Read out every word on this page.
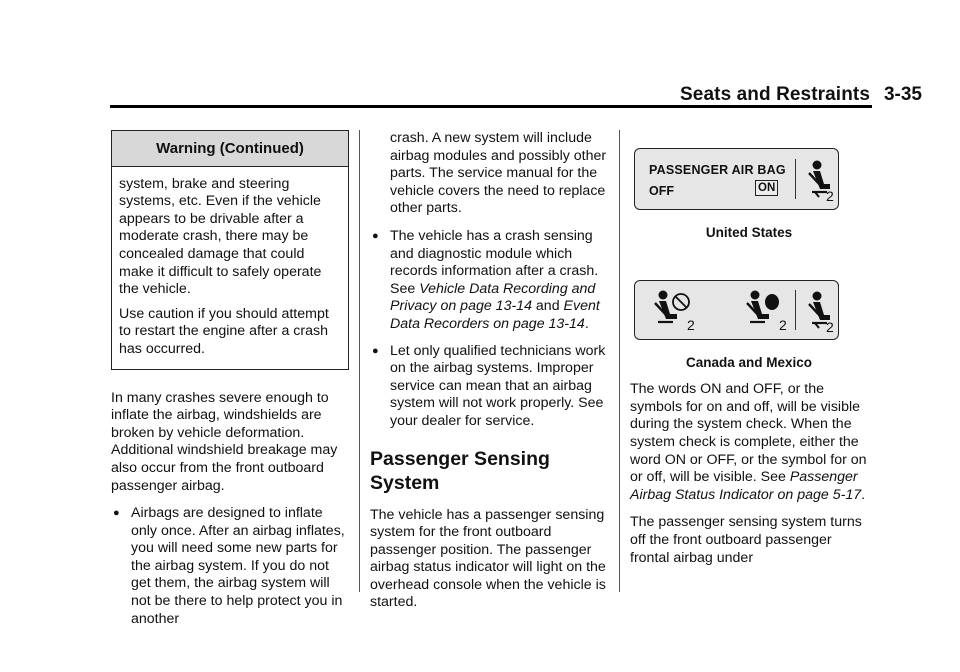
Seats and Restraints 3-35
Warning (Continued)

system, brake and steering systems, etc. Even if the vehicle appears to be drivable after a moderate crash, there may be concealed damage that could make it difficult to safely operate the vehicle.

Use caution if you should attempt to restart the engine after a crash has occurred.

In many crashes severe enough to inflate the airbag, windshields are broken by vehicle deformation. Additional windshield breakage may also occur from the front outboard passenger airbag.

● Airbags are designed to inflate only once. After an airbag inflates, you will need some new parts for the airbag system. If you do not get them, the airbag system will not be there to help protect you in another

crash. A new system will include airbag modules and possibly other parts. The service manual for the vehicle covers the need to replace other parts.

● The vehicle has a crash sensing and diagnostic module which records information after a crash. See Vehicle Data Recording and Privacy on page 13-14 and Event Data Recorders on page 13-14.
● Let only qualified technicians work on the airbag systems. Improper service can mean that an airbag system will not work properly. See your dealer for service.
Passenger Sensing System

The vehicle has a passenger sensing system for the front outboard passenger position. The passenger airbag status indicator will light on the overhead console when the vehicle is started.

PASSENGER AIR BAG
OFF	ON	2
United States
2	2	2
Canada and Mexico

The words ON and OFF, or the symbols for on and off, will be visible during the system check. When the system check is complete, either the word ON or OFF, or the symbol for on or off, will be visible. See Passenger Airbag Status Indicator on page 5-17.

The passenger sensing system turns off the front outboard passenger frontal airbag under
